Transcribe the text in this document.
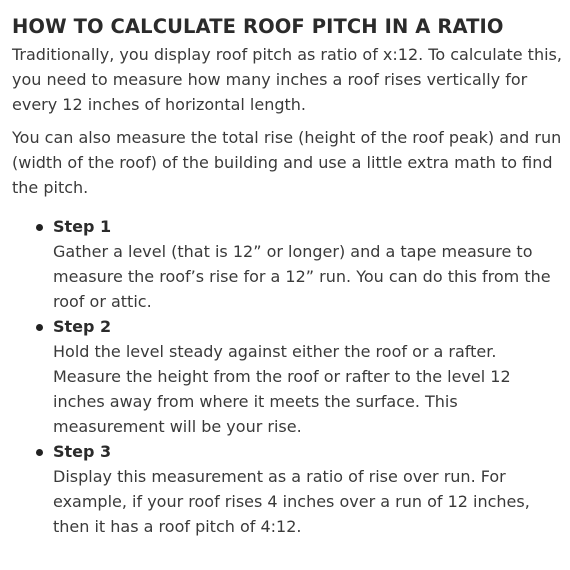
HOW TO CALCULATE ROOF PITCH IN A RATIO

Traditionally, you display roof pitch as ratio of x:12. To calculate this, you need to measure how many inches a roof rises vertically for every 12 inches of horizontal length.

You can also measure the total rise (height of the roof peak) and run (width of the roof) of the building and use a little extra math to find the pitch.

Step 1
Gather a level (that is 12” or longer) and a tape measure to measure the roof’s rise for a 12” run. You can do this from the roof or attic.
Step 2
Hold the level steady against either the roof or a rafter. Measure the height from the roof or rafter to the level 12 inches away from where it meets the surface. This measurement will be your rise.
Step 3
Display this measurement as a ratio of rise over run. For example, if your roof rises 4 inches over a run of 12 inches, then it has a roof pitch of 4:12.
